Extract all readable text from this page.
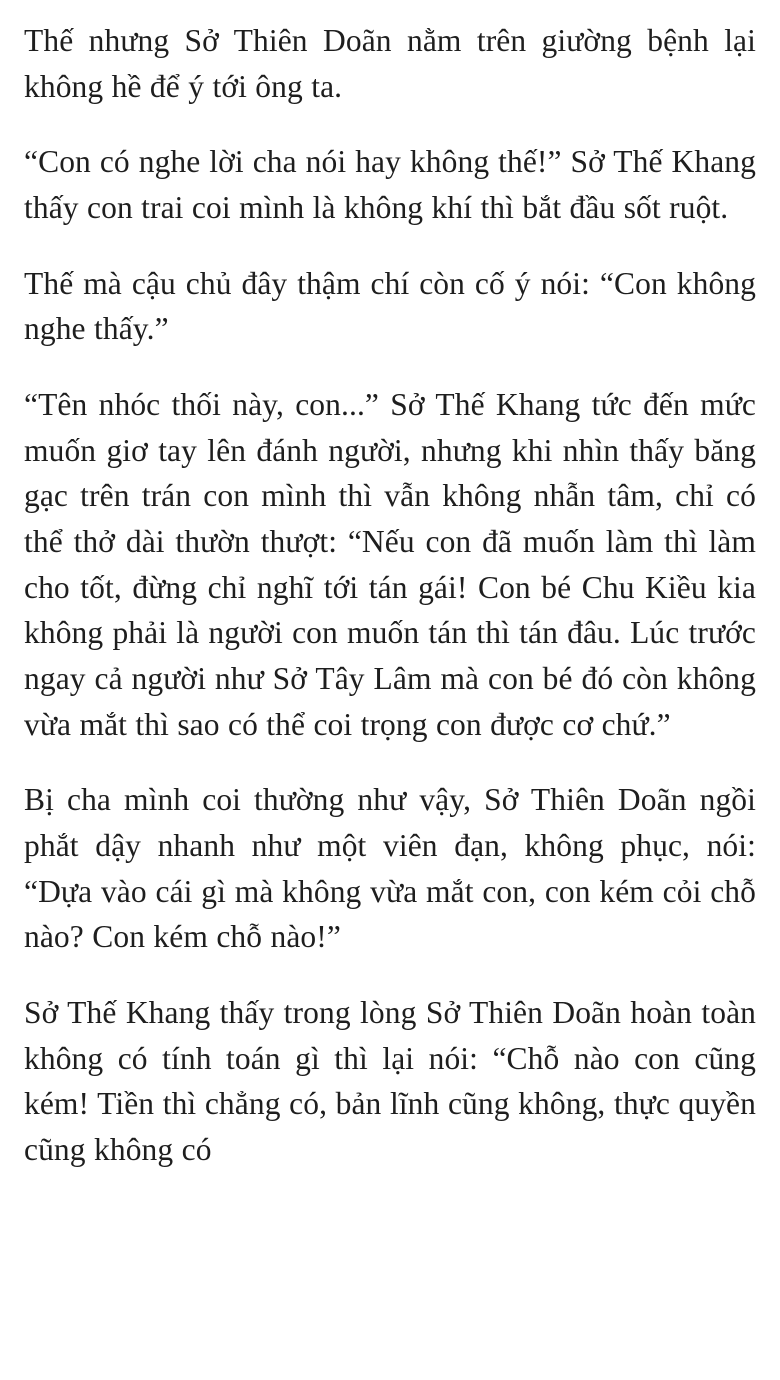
Thế nhưng Sở Thiên Doãn nằm trên giường bệnh lại không hề để ý tới ông ta.

“Con có nghe lời cha nói hay không thế!” Sở Thế Khang thấy con trai coi mình là không khí thì bắt đầu sốt ruột.

Thế mà cậu chủ đây thậm chí còn cố ý nói: “Con không nghe thấy.”

“Tên nhóc thối này, con...” Sở Thế Khang tức đến mức muốn giơ tay lên đánh người, nhưng khi nhìn thấy băng gạc trên trán con mình thì vẫn không nhẫn tâm, chỉ có thể thở dài thườn thượt: “Nếu con đã muốn làm thì làm cho tốt, đừng chỉ nghĩ tới tán gái! Con bé Chu Kiều kia không phải là người con muốn tán thì tán đâu. Lúc trước ngay cả người như Sở Tây Lâm mà con bé đó còn không vừa mắt thì sao có thể coi trọng con được cơ chứ.”

Bị cha mình coi thường như vậy, Sở Thiên Doãn ngồi phắt dậy nhanh như một viên đạn, không phục, nói: “Dựa vào cái gì mà không vừa mắt con, con kém cỏi chỗ nào? Con kém chỗ nào!”

Sở Thế Khang thấy trong lòng Sở Thiên Doãn hoàn toàn không có tính toán gì thì lại nói: “Chỗ nào con cũng kém! Tiền thì chẳng có, bản lĩnh cũng không, thực quyền cũng không có
